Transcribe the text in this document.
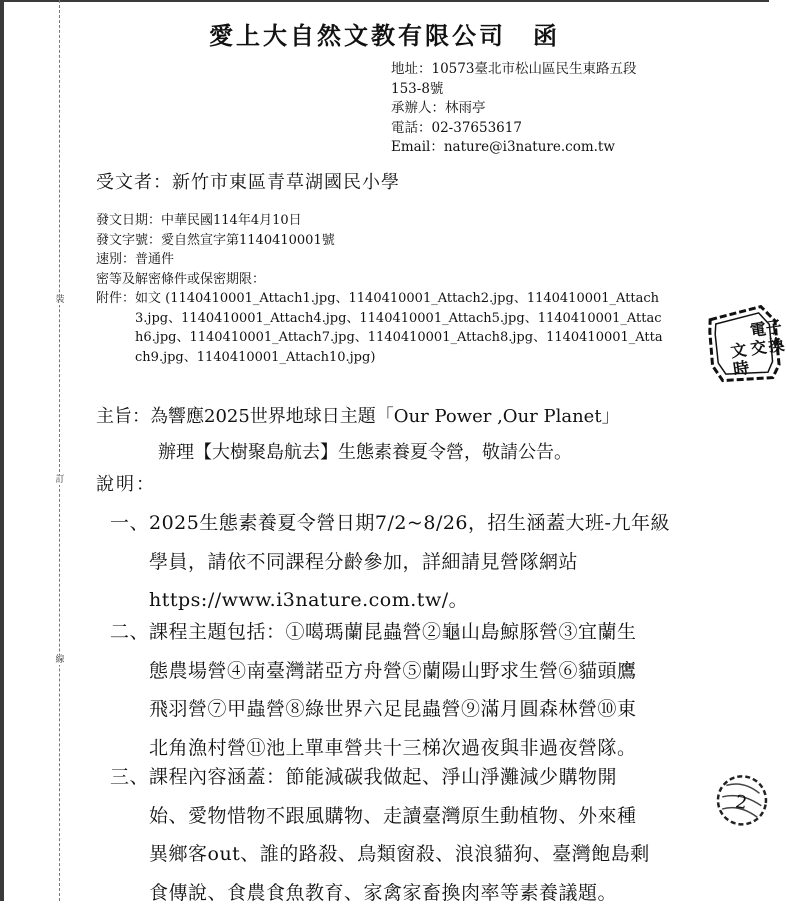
裝
訂
線
愛上大自然文教有限公司　函
地址：10573臺北市松山區民生東路五段
153-8號
承辦人：林雨亭
電話：02-37653617
Email：nature@i3nature.com.tw
受文者：新竹市東區青草湖國民小學
發文日期：中華民國114年4月10日
發文字號：愛自然宣字第1140410001號
速別：普通件
密等及解密條件或保密期限：
附件： 如文 (1140410001_Attach1.jpg、1140410001_Attach2.jpg、1140410001_Attach3.jpg、1140410001_Attach4.jpg、1140410001_Attach5.jpg、1140410001_Attach6.jpg、1140410001_Attach7.jpg、1140410001_Attach8.jpg、1140410001_Attach9.jpg、1140410001_Attach10.jpg)
主旨：為響應2025世界地球日主題「Our Power ,Our Planet」
辦理【大樹聚島航去】生態素養夏令營，敬請公告。
說明：
一、 2025生態素養夏令營日期7/2~8/26，招生涵蓋大班-九年級
學員，請依不同課程分齡參加，詳細請見營隊網站
https://www.i3nature.com.tw/。
二、 課程主題包括：①噶瑪蘭昆蟲營②龜山島鯨豚營③宜蘭生
態農場營④南臺灣諾亞方舟營⑤蘭陽山野求生營⑥貓頭鷹
飛羽營⑦甲蟲營⑧綠世界六足昆蟲營⑨滿月圓森林營⑩東
北角漁村營⑪池上單車營共十三梯次過夜與非過夜營隊。
三、 課程內容涵蓋：節能減碳我做起、淨山淨灘減少購物開
始、愛物惜物不跟風購物、走讀臺灣原生動植物、外來種
異鄉客out、誰的路殺、鳥類窗殺、浪浪貓狗、臺灣飽島剩
食傳說、食農食魚教育、家禽家畜換肉率等素養議題。
電
子
文 交 換
時
2
